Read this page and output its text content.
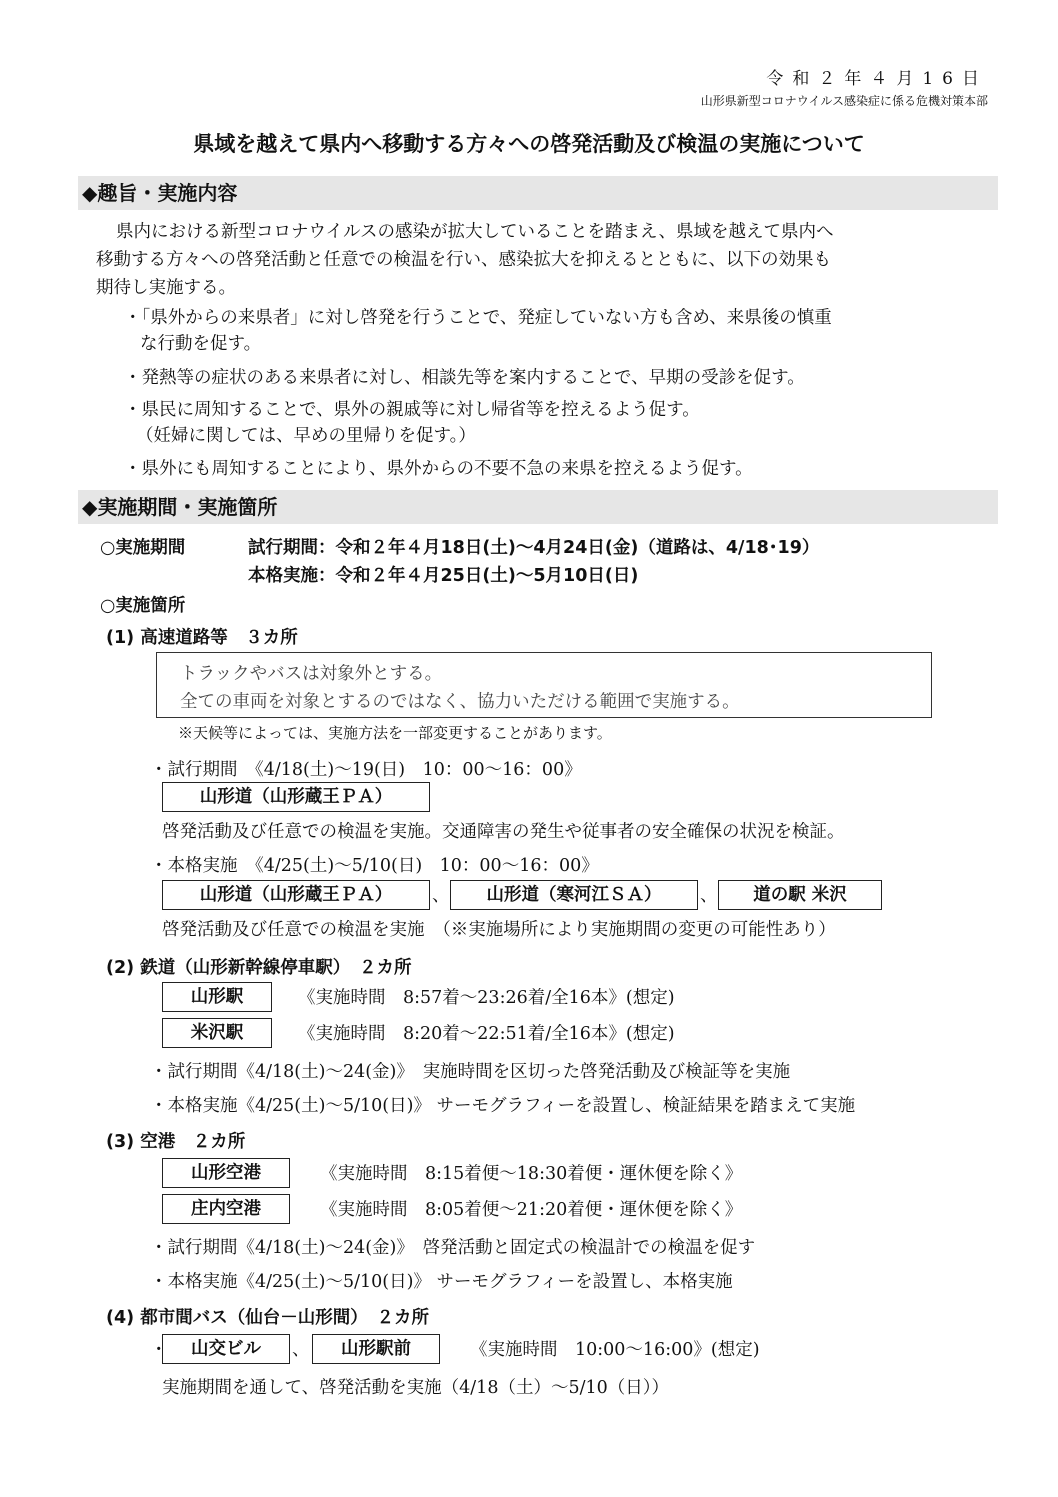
令和２年４月16日
山形県新型コロナウイルス感染症に係る危機対策本部
県域を越えて県内へ移動する方々への啓発活動及び検温の実施について
◆趣旨・実施内容
県内における新型コロナウイルスの感染が拡大していることを踏まえ、県域を越えて県内へ
移動する方々への啓発活動と任意での検温を行い、感染拡大を抑えるとともに、以下の効果も
期待し実施する。
・「県外からの来県者」に対し啓発を行うことで、発症していない方も含め、来県後の慎重
な行動を促す。
・発熱等の症状のある来県者に対し、相談先等を案内することで、早期の受診を促す。
・県民に周知することで、県外の親戚等に対し帰省等を控えるよう促す。
（妊婦に関しては、早めの里帰りを促す。）
・県外にも周知することにより、県外からの不要不急の来県を控えるよう促す。
◆実施期間・実施箇所
○実施期間	試行期間：令和２年４月18日(土)～4月24日(金)（道路は、4/18･19）
本格実施：令和２年４月25日(土)～5月10日(日)
○実施箇所
(1) 高速道路等　３カ所
トラックやバスは対象外とする。
全ての車両を対象とするのではなく、協力いただける範囲で実施する。
※天候等によっては、実施方法を一部変更することがあります。
・試行期間　《4/18(土)～19(日)　10：00～16：00》
山形道（山形蔵王ＰＡ）
啓発活動及び任意での検温を実施。交通障害の発生や従事者の安全確保の状況を検証。
・本格実施　《4/25(土)～5/10(日)　10：00～16：00》
山形道（山形蔵王ＰＡ）	、	山形道（寒河江ＳＡ）	、	道の駅 米沢
啓発活動及び任意での検温を実施　（※実施場所により実施期間の変更の可能性あり）
(2) 鉄道（山形新幹線停車駅）　２カ所
山形駅	《実施時間　8:57着～23:26着/全16本》(想定)
米沢駅	《実施時間　8:20着～22:51着/全16本》(想定)
・試行期間《4/18(土)～24(金)》　実施時間を区切った啓発活動及び検証等を実施
・本格実施《4/25(土)～5/10(日)》 サーモグラフィーを設置し、検証結果を踏まえて実施
(3) 空港　２カ所
山形空港	《実施時間　8:15着便～18:30着便・運休便を除く》
庄内空港	《実施時間　8:05着便～21:20着便・運休便を除く》
・試行期間《4/18(土)～24(金)》　啓発活動と固定式の検温計での検温を促す
・本格実施《4/25(土)～5/10(日)》 サーモグラフィーを設置し、本格実施
(4) 都市間バス（仙台－山形間）　２カ所
・	山交ビル	、	山形駅前	《実施時間　10:00～16:00》(想定)
実施期間を通して、啓発活動を実施（4/18（土）～5/10（日））
